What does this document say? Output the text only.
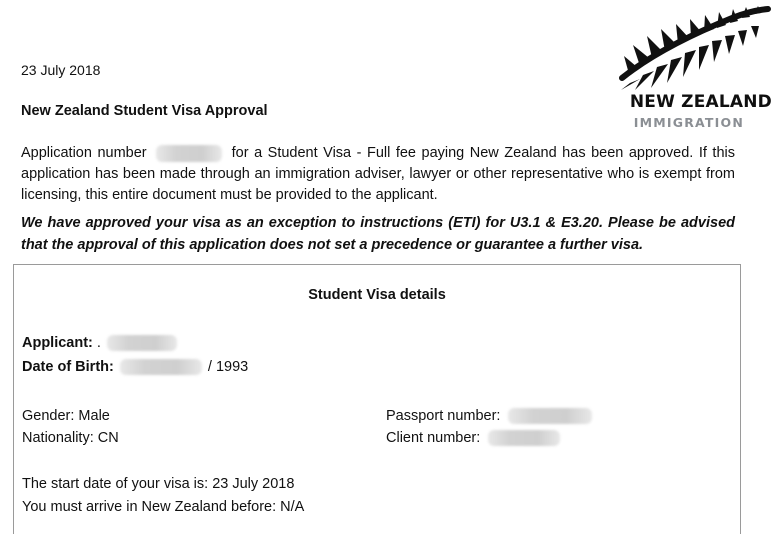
NEW ZEALAND
IMMIGRATION
23 July 2018
New Zealand Student Visa Approval
Application number	for a Student Visa - Full fee paying New Zealand has been approved. If this application has been made through an immigration adviser, lawyer or other representative who is exempt from licensing, this entire document must be provided to the applicant.
We have approved your visa as an exception to instructions (ETI) for U3.1 & E3.20. Please be advised that the approval of this application does not set a precedence or guarantee a further visa.
Student Visa details
Applicant: .
Date of Birth:	/ 1993
Gender: Male
Nationality: CN
Passport number:
Client number:
The start date of your visa is: 23 July 2018
You must arrive in New Zealand before: N/A
